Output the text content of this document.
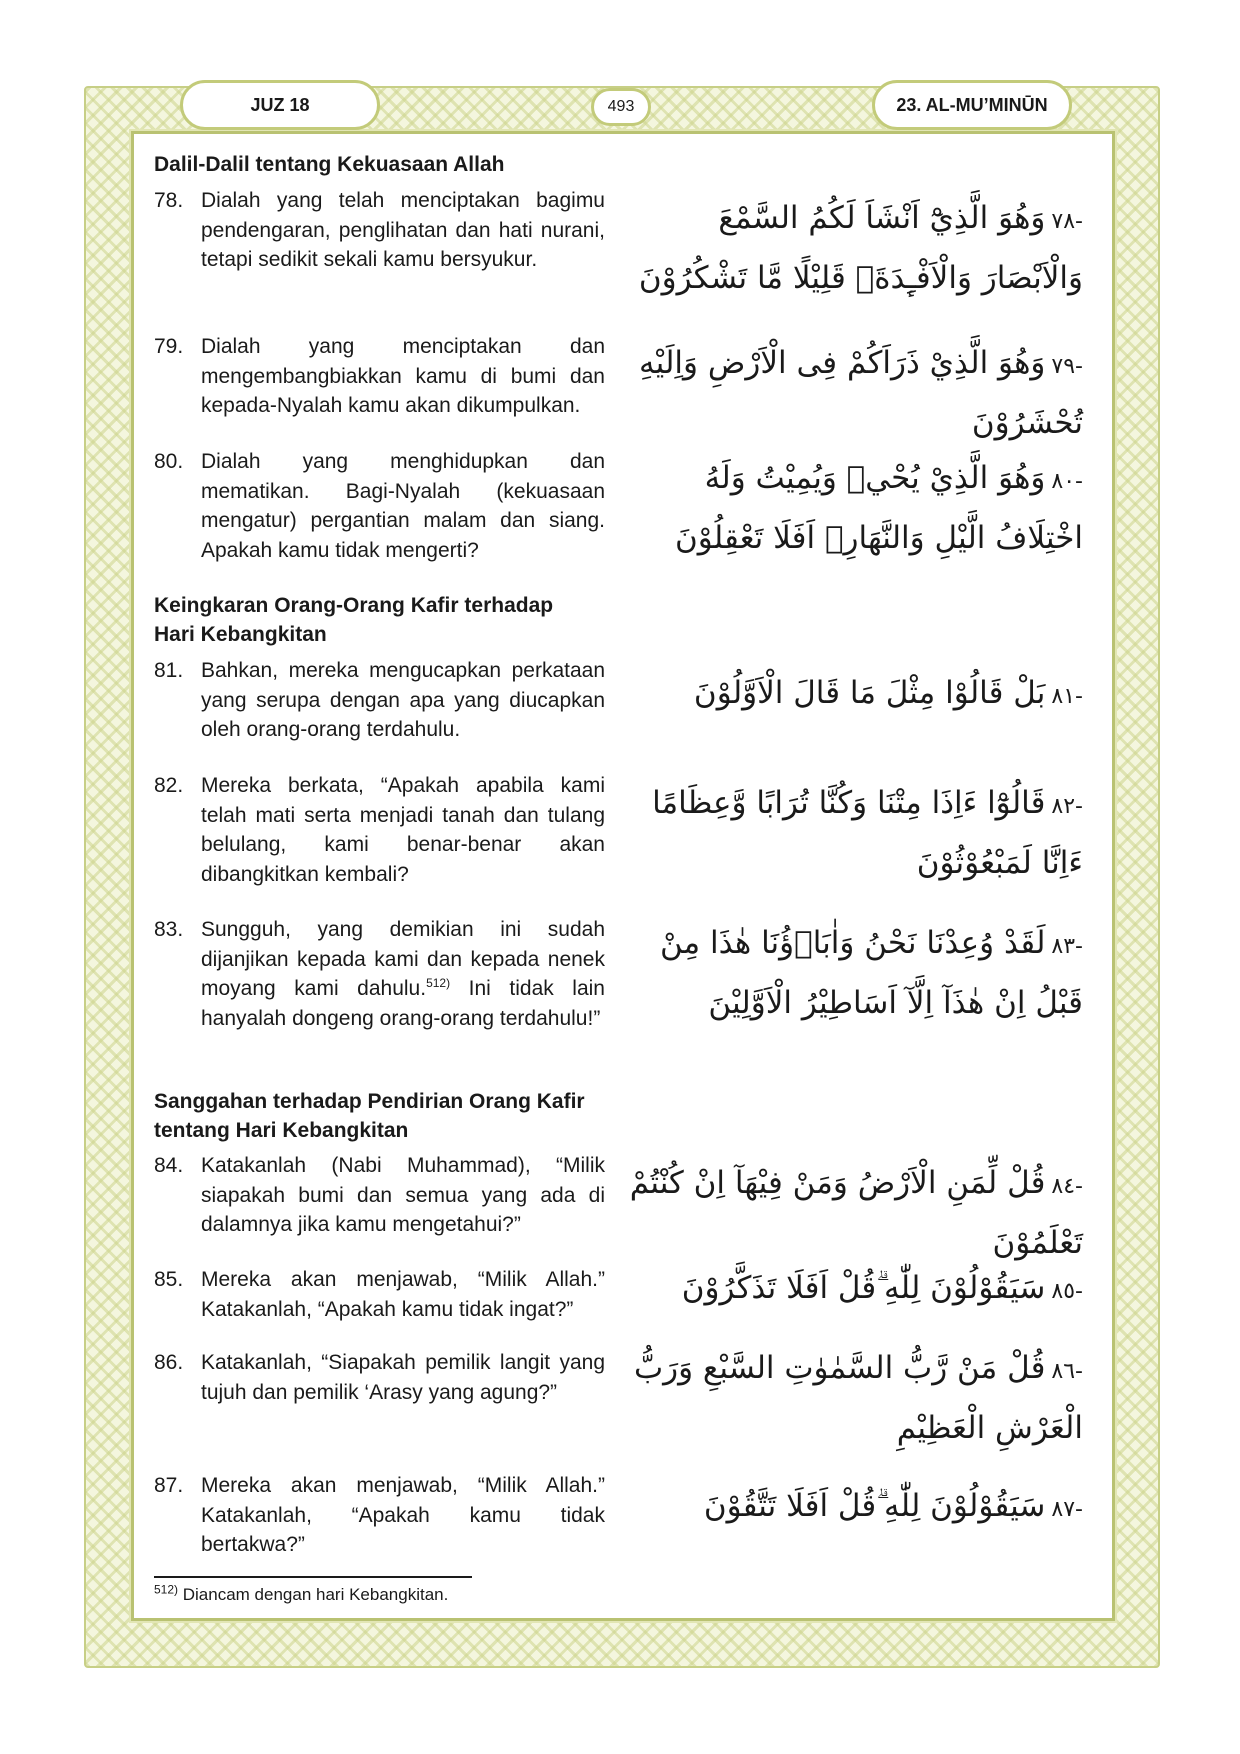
JUZ 18	493	23. AL-MU’MINŪN
Dalil-Dalil tentang Kekuasaan Allah
78. Dialah yang telah menciptakan bagimu pendengaran, penglihatan dan hati nurani, tetapi sedikit sekali kamu bersyukur.
-٧٨وَهُوَ الَّذِيْٓ اَنْشَاَ لَكُمُ السَّمْعَ وَالْاَبْصَارَ وَالْاَفْـِٕدَةَۗ قَلِيْلًا مَّا تَشْكُرُوْنَ
79. Dialah yang menciptakan dan mengembangbiakkan kamu di bumi dan kepada-Nyalah kamu akan dikumpulkan.
-٧٩وَهُوَ الَّذِيْ ذَرَاَكُمْ فِى الْاَرْضِ وَاِلَيْهِ تُحْشَرُوْنَ
80. Dialah yang menghidupkan dan mematikan. Bagi-Nyalah (kekuasaan mengatur) pergantian malam dan siang. Apakah kamu tidak mengerti?
-٨٠وَهُوَ الَّذِيْ يُحْيٖ وَيُمِيْتُ وَلَهُ اخْتِلَافُ الَّيْلِ وَالنَّهَارِۗ اَفَلَا تَعْقِلُوْنَ
Keingkaran Orang-Orang Kafir terhadap Hari Kebangkitan
81. Bahkan, mereka mengucapkan perkataan yang serupa dengan apa yang diucapkan oleh orang-orang terdahulu.
-٨١بَلْ قَالُوْا مِثْلَ مَا قَالَ الْاَوَّلُوْنَ
82. Mereka berkata, “Apakah apabila kami telah mati serta menjadi tanah dan tulang belulang, kami benar-benar akan dibangkitkan kembali?
-٨٢قَالُوْٓا ءَاِذَا مِتْنَا وَكُنَّا تُرَابًا وَّعِظَامًا ءَاِنَّا لَمَبْعُوْثُوْنَ
83. Sungguh, yang demikian ini sudah dijanjikan kepada kami dan kepada nenek moyang kami dahulu.$^{512)}$ Ini tidak lain hanyalah dongeng orang-orang terdahulu!”
-٨٣لَقَدْ وُعِدْنَا نَحْنُ وَاٰبَاۤؤُنَا هٰذَا مِنْ قَبْلُ اِنْ هٰذَآ اِلَّآ اَسَاطِيْرُ الْاَوَّلِيْنَ
Sanggahan terhadap Pendirian Orang Kafir tentang Hari Kebangkitan
84. Katakanlah (Nabi Muhammad), “Milik siapakah bumi dan semua yang ada di dalamnya jika kamu mengetahui?”
-٨٤قُلْ لِّمَنِ الْاَرْضُ وَمَنْ فِيْهَآ اِنْ كُنْتُمْ تَعْلَمُوْنَ
85. Mereka akan menjawab, “Milik Allah.” Katakanlah, “Apakah kamu tidak ingat?”
-٨٥سَيَقُوْلُوْنَ لِلّٰهِ ۗقُلْ اَفَلَا تَذَكَّرُوْنَ
86. Katakanlah, “Siapakah pemilik langit yang tujuh dan pemilik ‘Arasy yang agung?”
-٨٦قُلْ مَنْ رَّبُّ السَّمٰوٰتِ السَّبْعِ وَرَبُّ الْعَرْشِ الْعَظِيْمِ
87. Mereka akan menjawab, “Milik Allah.” Katakanlah, “Apakah kamu tidak bertakwa?”
-٨٧سَيَقُوْلُوْنَ لِلّٰهِ ۗقُلْ اَفَلَا تَتَّقُوْنَ
$^{512)}$ Diancam dengan hari Kebangkitan.
